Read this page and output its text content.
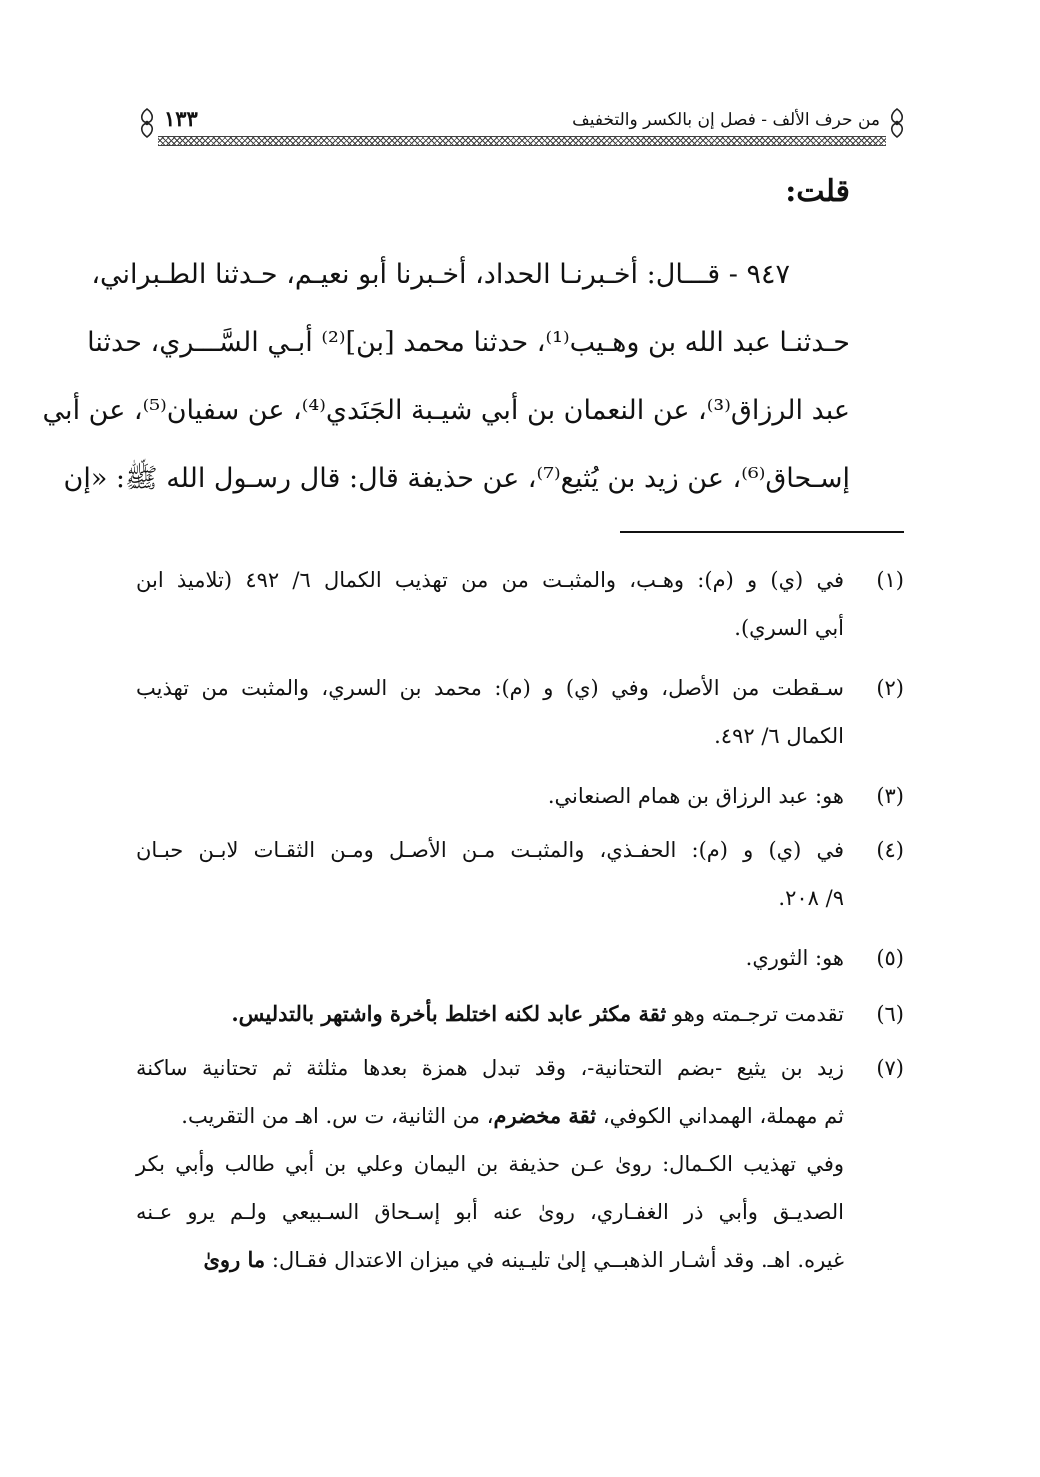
من حرف الألف - فصل إن بالكسر والتخفيف
١٣٣
قلت:
٩٤٧ - قـــال: أخـبرنـا الحداد، أخـبرنا أبو نعيـم، حـدثنا الطـبراني،
حـدثنـا عبد الله بن وهـيب⁽¹⁾، حدثنا محمد [بن]⁽²⁾ أبـي السَّـــري، حدثنا
عبد الرزاق⁽³⁾، عن النعمان بن أبي شيـبة الجَنَدي⁽⁴⁾، عن سفيان⁽⁵⁾، عن أبي
إسـحاق⁽⁶⁾، عن زيد بن يُثيع⁽⁷⁾، عن حذيفة قال: قال رسـول الله ﷺ: «إن
(١)
في (ي) و (م): وهـب، والمثبـت من من تهذيب الكمال ٦/ ٤٩٢ (تلاميذ ابن
أبي السري).
(٢)
سـقطت من الأصل، وفي (ي) و (م): محمد بن السري، والمثبت من تهذيب
الكمال ٦/ ٤٩٢.
(٣)
هو: عبد الرزاق بن همام الصنعاني.
(٤)
في (ي) و (م): الحفـذي، والمثبـت مـن الأصـل ومـن الثقـات لابـن حبـان
٩/ ٢٠٨.
(٥)
هو: الثوري.
(٦)
تقدمت ترجـمته وهو ثقة مكثر عابد لكنه اختلط بأخرة واشتهر بالتدليس.
(٧)
زيد بن يثيع -بضم التحتانية-، وقد تبدل همزة بعدها مثلثة ثم تحتانية ساكنة
ثم مهملة، الهمداني الكوفي، ثقة مخضرم، من الثانية، ت س. اهـ من التقريب.
وفي تهذيب الكـمال: روىٰ عـن حذيفة بن اليمان وعلي بن أبي طالب وأبي بكر
الصديـق وأبي ذر الغفـاري، روىٰ عنه أبو إسـحاق السـبيعي ولـم يرو عـنه
غيره. اهـ. وقد أشـار الذهبــي إلىٰ تليـينه في ميزان الاعتدال فقـال: ما روىٰ
